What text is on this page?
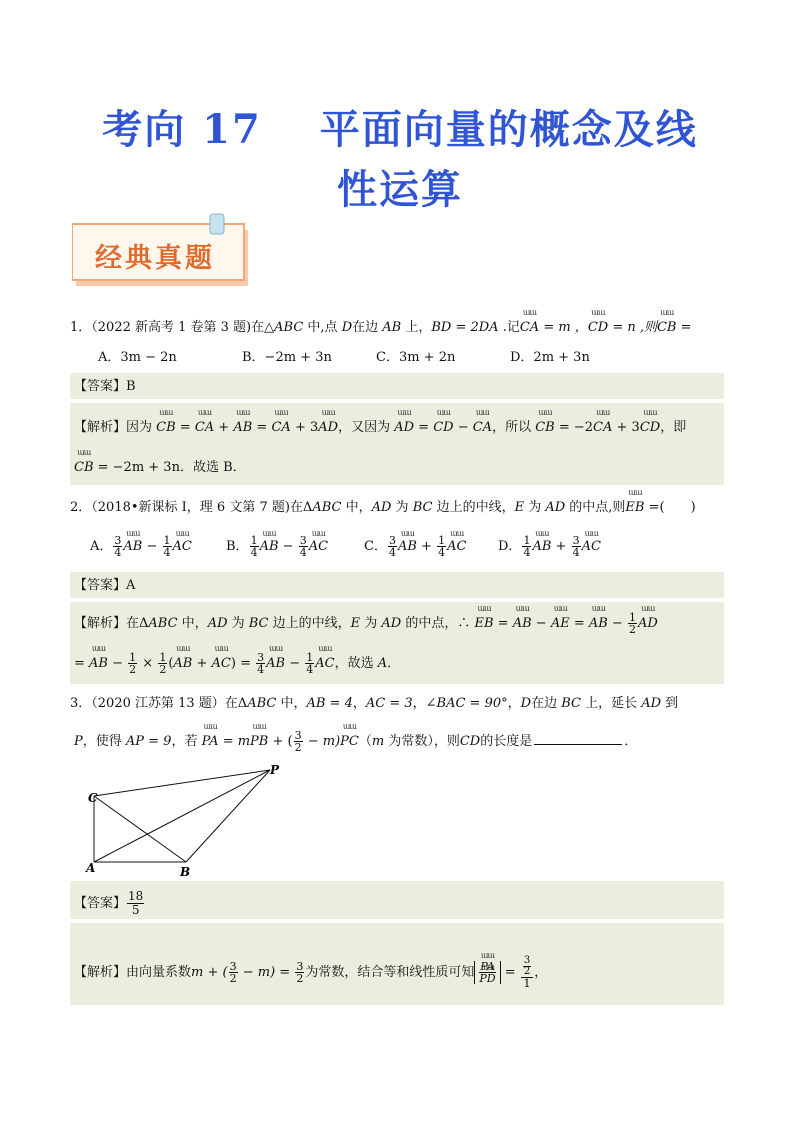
考向 17　 平面向量的概念及线
性运算
经典真题
1．（2022 新高考 1 卷第 3 题)在△ABC 中,点 D在边 AB 上，BD = 2DA .记ɯɯ CA = m ，ɯɯ CD = n ,则ɯɯ CB =
A．3m − 2n	B．−2m + 3n	C．3m + 2n	D．2m + 3n
【答案】B
【解析】因为 ɯɯ CB = ɯɯ CA + ɯɯ AB = ɯɯ CA + 3ɯɯ AD，又因为 ɯɯ AD = ɯɯ CD − ɯɯ CA，所以 ɯɯ CB = −2ɯɯ CA + 3ɯɯ CD，即
ɯɯ CB = −2m + 3n．故选 B．
2．（2018•新课标 I，理 6 文第 7 题)在ΔABC 中，AD 为 BC 边上的中线，E 为 AD 的中点,则ɯɯ EB =(　　)
A． $\frac{3}{4}$ ɯɯ AB − $\frac{1}{4}$ ɯɯ AC	B． $\frac{1}{4}$ ɯɯ AB − $\frac{3}{4}$ ɯɯ AC	C． $\frac{3}{4}$ ɯɯ AB + $\frac{1}{4}$ ɯɯ AC D． $\frac{1}{4}$ ɯɯ AB + $\frac{3}{4}$ ɯɯ AC
【答案】A
【解析】在ΔABC 中，AD 为 BC 边上的中线，E 为 AD 的中点，∴ ɯɯ EB = ɯɯ AB − ɯɯ AE = ɯɯ AB − $\frac{1}{2}$ ɯɯ AD
= ɯɯ AB − $\frac{1}{2} \times \frac{1}{2}$ (ɯɯ AB + ɯɯ $AC) = \frac{3}{4}$ ɯɯ AB − $\frac{1}{4}$ ɯɯ AC，故选 A．
3．（2020 江苏第 13 题）在ΔABC 中，AB = 4，AC = 3，∠BAC = 90°，D在边 BC 上，延长 AD 到
P，使得 AP = 9，若 ɯɯ PA = mɯɯ PB + ( $\frac{3}{2}$ − m)ɯɯ PC（m 为常数），则CD的长度是	．
C
A	B
P
【答案】 $\frac{18}{5}$
【解析】由向量系数m + ( $\frac{3}{2} - m) = \frac{3}{2}$ 为常数，结合等和线性质可知 ɯɯ PA
ɯɯ PD = $\frac{\frac{3}{2}}{1}$ ，
